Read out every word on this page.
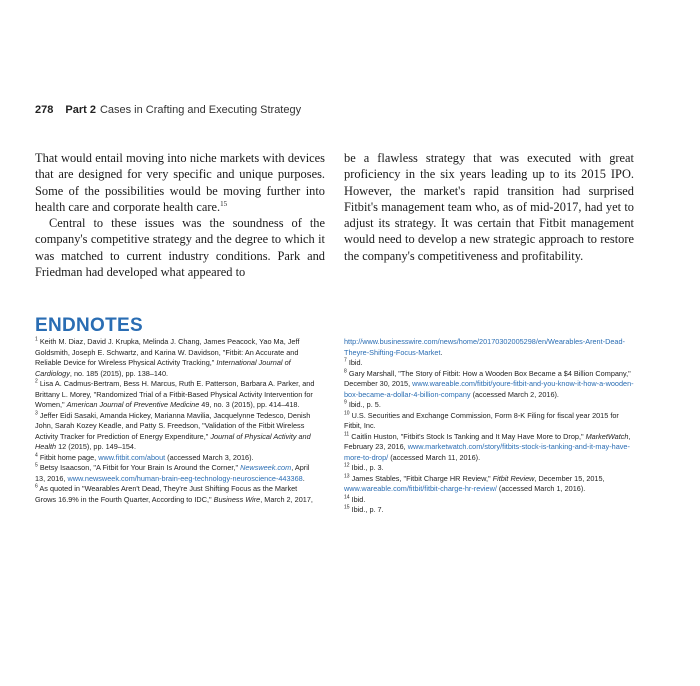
278 Part 2 Cases in Crafting and Executing Strategy

That would entail moving into niche markets with devices that are designed for very specific and unique purposes. Some of the possibilities would be moving further into health care and corporate health care.$^{15}$

Central to these issues was the soundness of the company's competitive strategy and the degree to which it was matched to current industry conditions. Park and Friedman had developed what appeared to

be a flawless strategy that was executed with great proficiency in the six years leading up to its 2015 IPO. However, the market's rapid transition had surprised Fitbit's management team who, as of mid-2017, had yet to adjust its strategy. It was certain that Fitbit management would need to develop a new strategic approach to restore the company's competitiveness and profitability.

ENDNOTES

$^1$ Keith M. Diaz, David J. Krupka, Melinda J. Chang, James Peacock, Yao Ma, Jeff Goldsmith, Joseph E. Schwartz, and Karina W. Davidson, "Fitbit: An Accurate and Reliable Device for Wireless Physical Activity Tracking," International Journal of Cardiology, no. 185 (2015), pp. 138–140.

$^2$ Lisa A. Cadmus-Bertram, Bess H. Marcus, Ruth E. Patterson, Barbara A. Parker, and Brittany L. Morey, "Randomized Trial of a Fitbit-Based Physical Activity Intervention for Women," American Journal of Preventive Medicine 49, no. 3 (2015), pp. 414–418.

$^3$ Jeffer Eidi Sasaki, Amanda Hickey, Marianna Mavilia, Jacquelynne Tedesco, Denish John, Sarah Kozey Keadle, and Patty S. Freedson, "Validation of the Fitbit Wireless Activity Tracker for Prediction of Energy Expenditure," Journal of Physical Activity and Health 12 (2015), pp. 149–154.

$^4$ Fitbit home page, www.fitbit.com/about (accessed March 3, 2016).

$^5$ Betsy Isaacson, "A Fitbit for Your Brain Is Around the Corner," Newsweek.com, April 13, 2016, www.newsweek.com/human-brain-eeg-technology-neuroscience-443368.

$^6$ As quoted in "Wearables Aren't Dead, They're Just Shifting Focus as the Market Grows 16.9% in the Fourth Quarter, According to IDC," Business Wire, March 2, 2017,

http://www.businesswire.com/news/home/20170302005298/en/Wearables-Arent-Dead-Theyre-Shifting-Focus-Market.

$^7$ Ibid.

$^8$ Gary Marshall, "The Story of Fitbit: How a Wooden Box Became a $4 Billion Company," December 30, 2015, www.wareable.com/fitbit/youre-fitbit-and-you-know-it-how-a-wooden-box-became-a-dollar-4-billion-company (accessed March 2, 2016).

$^9$ Ibid., p. 5.

$^{10}$ U.S. Securities and Exchange Commission, Form 8-K Filing for fiscal year 2015 for Fitbit, Inc.

$^{11}$ Caitlin Huston, "Fitbit's Stock Is Tanking and It May Have More to Drop," MarketWatch, February 23, 2016, www.marketwatch.com/story/fitbits-stock-is-tanking-and-it-may-have-more-to-drop/ (accessed March 11, 2016).

$^{12}$ Ibid., p. 3.

$^{13}$ James Stables, "Fitbit Charge HR Review," Fitbit Review, December 15, 2015, www.wareable.com/fitbit/fitbit-charge-hr-review/ (accessed March 1, 2016).

$^{14}$ Ibid.

$^{15}$ Ibid., p. 7.
